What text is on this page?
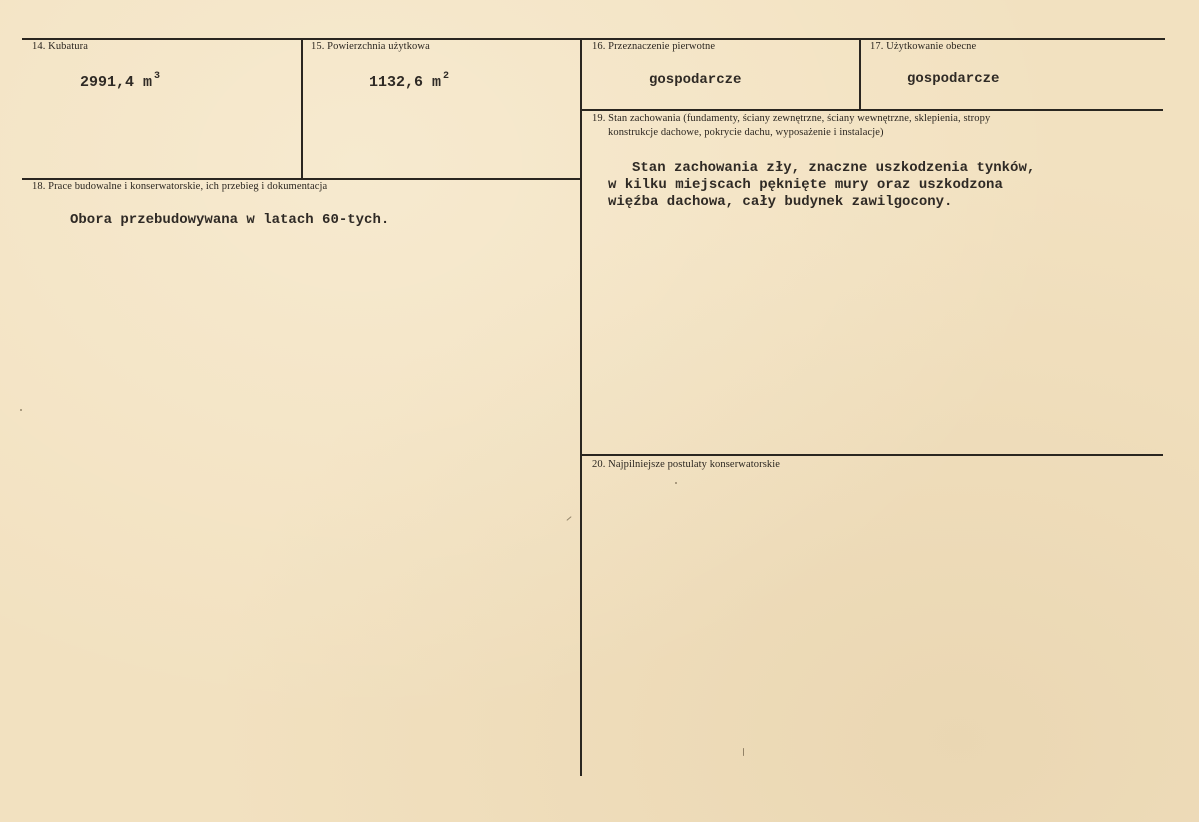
14. Kubatura
2991,4 m $^3$
15. Powierzchnia użytkowa
1132,6 m $^2$
16. Przeznaczenie pierwotne
gospodarcze
17. Użytkowanie obecne
gospodarcze
18. Prace budowalne i konserwatorskie, ich przebieg i dokumentacja
Obora przebudowywana w latach 60-tych.
19. Stan zachowania (fundamenty, ściany zewnętrzne, ściany wewnętrzne, sklepienia, stropy
konstrukcje dachowe, pokrycie dachu, wyposażenie i instalacje)
Stan zachowania zły, znaczne uszkodzenia tynków,
w kilku miejscach pęknięte mury oraz uszkodzona
więźba dachowa, cały budynek zawilgocony.
20. Najpilniejsze postulaty konserwatorskie
